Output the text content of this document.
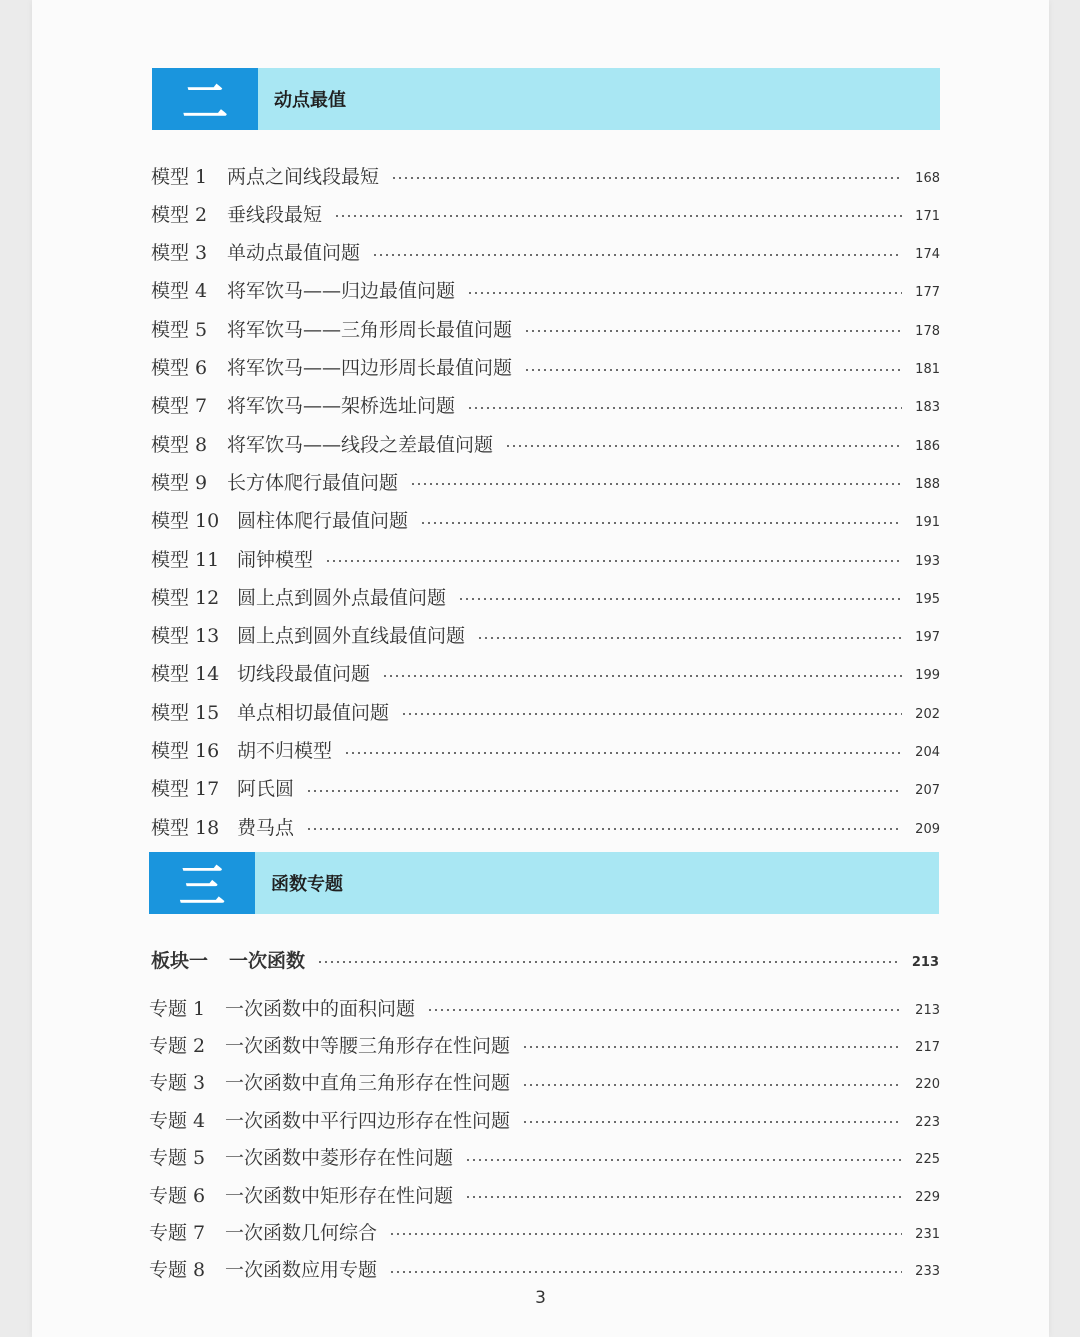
二	动点最值
模型 1	两点之间线段最短	168
模型 2	垂线段最短	171
模型 3	单动点最值问题	174
模型 4	将军饮马——归边最值问题	177
模型 5	将军饮马——三角形周长最值问题	178
模型 6	将军饮马——四边形周长最值问题	181
模型 7	将军饮马——架桥选址问题	183
模型 8	将军饮马——线段之差最值问题	186
模型 9	长方体爬行最值问题	188
模型 10 圆柱体爬行最值问题	191
模型 11 闹钟模型	193
模型 12 圆上点到圆外点最值问题	195
模型 13 圆上点到圆外直线最值问题	197
模型 14 切线段最值问题	199
模型 15 单点相切最值问题	202
模型 16 胡不归模型	204
模型 17 阿氏圆	207
模型 18 费马点	209
三	函数专题
板块一	一次函数	213
专题 1	一次函数中的面积问题	213
专题 2	一次函数中等腰三角形存在性问题	217
专题 3	一次函数中直角三角形存在性问题	220
专题 4	一次函数中平行四边形存在性问题	223
专题 5	一次函数中菱形存在性问题	225
专题 6	一次函数中矩形存在性问题	229
专题 7	一次函数几何综合	231
专题 8	一次函数应用专题	233
3
